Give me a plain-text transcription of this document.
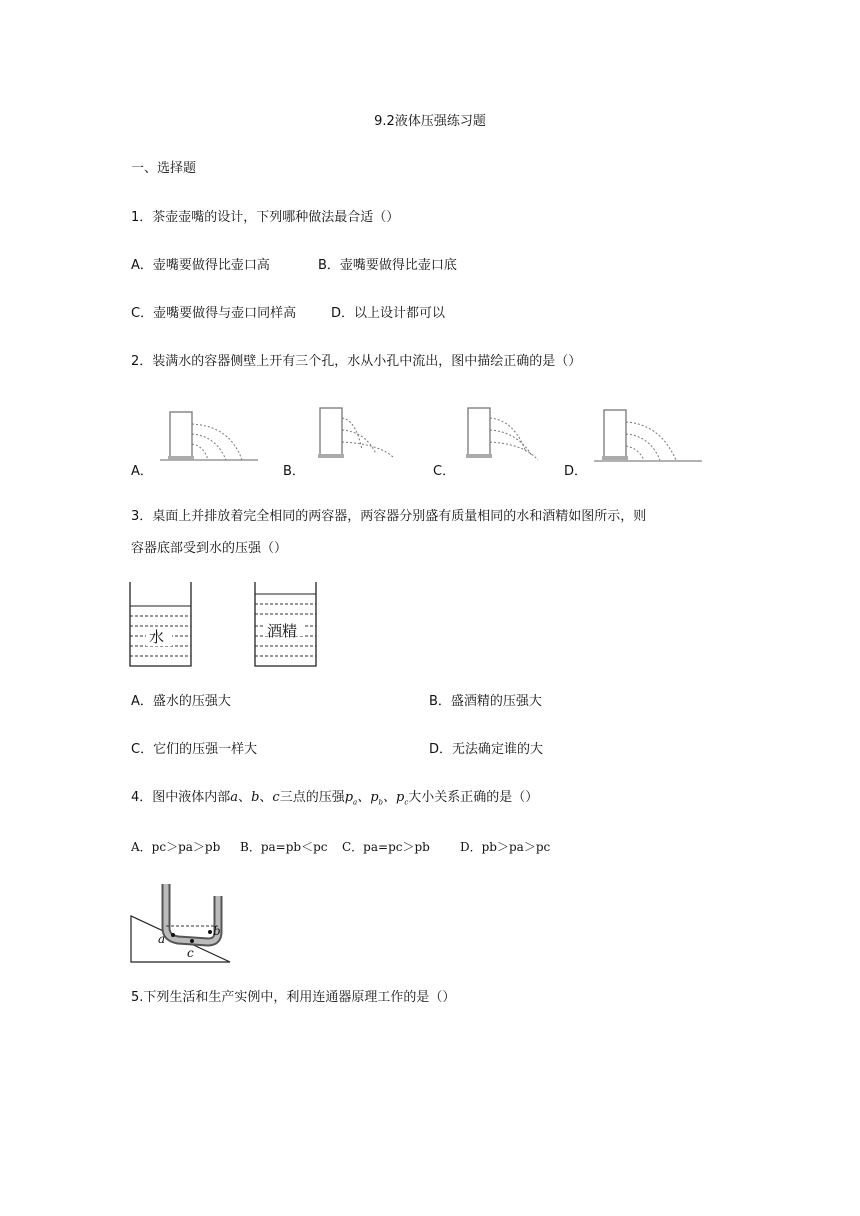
9.2液体压强练习题
一、选择题
1．茶壶壶嘴的设计，下列哪种做法最合适（）
A．壶嘴要做得比壶口高	B．壶嘴要做得比壶口底
C．壶嘴要做得与壶口同样高	D．以上设计都可以
2．装满水的容器侧壁上开有三个孔，水从小孔中流出，图中描绘正确的是（）
A．	B．	C．	D．
3．桌面上并排放着完全相同的两容器，两容器分别盛有质量相同的水和酒精如图所示，则
容器底部受到水的压强（）
水	酒精
A．盛水的压强大	B．盛酒精的压强大
C．它们的压强一样大	D．无法确定谁的大
4．图中液体内部a、b、c三点的压强$p_a$、$p_b$、$p_c$大小关系正确的是（）
A．pc＞pa＞pb B．pa=pb＜pc C．pa=pc＞pb	D．pb＞pa＞pc
a
b
c
5.下列生活和生产实例中，利用连通器原理工作的是（）
